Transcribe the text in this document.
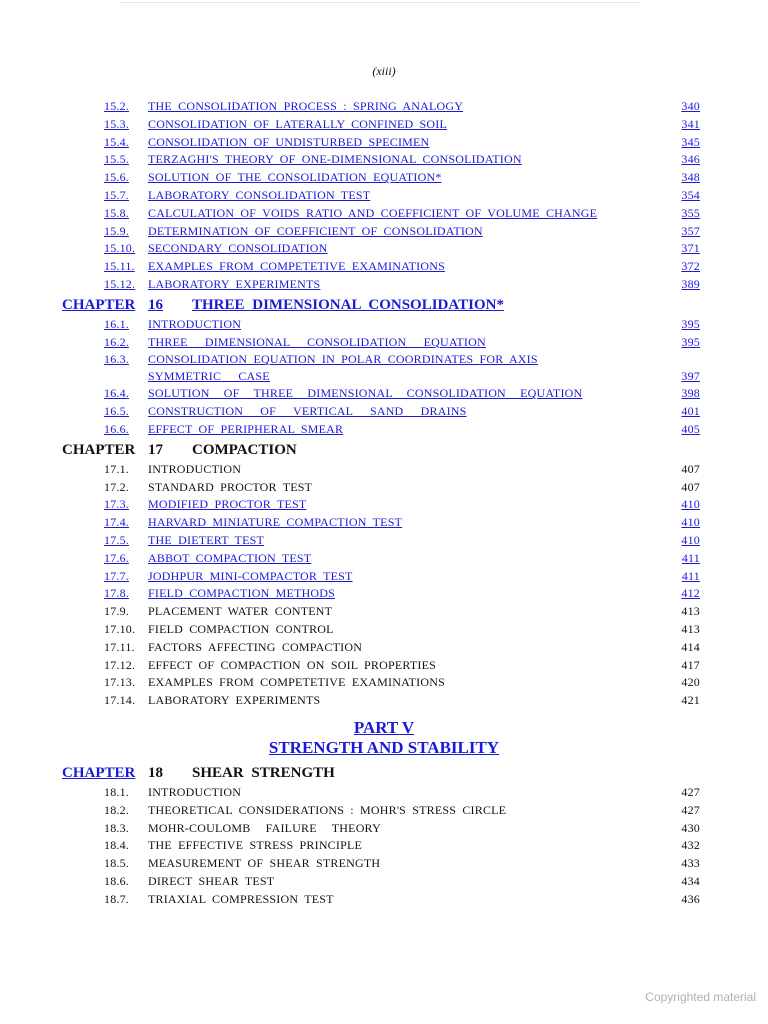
(xiii)
15.2. THE CONSOLIDATION PROCESS : SPRING ANALOGY	340
15.3. CONSOLIDATION OF LATERALLY CONFINED SOIL	341
15.4. CONSOLIDATION OF UNDISTURBED SPECIMEN	345
15.5. TERZAGHI'S THEORY OF ONE-DIMENSIONAL CONSOLIDATION	346
15.6. SOLUTION OF THE CONSOLIDATION EQUATION*	348
15.7. LABORATORY CONSOLIDATION TEST	354
15.8. CALCULATION OF VOIDS RATIO AND COEFFICIENT OF VOLUME CHANGE	355
15.9. DETERMINATION OF COEFFICIENT OF CONSOLIDATION	357
15.10. SECONDARY CONSOLIDATION	371
15.11. EXAMPLES FROM COMPETETIVE EXAMINATIONS	372
15.12. LABORATORY EXPERIMENTS	389
CHAPTER 16 THREE DIMENSIONAL CONSOLIDATION*
16.1. INTRODUCTION	395
16.2. THREE DIMENSIONAL CONSOLIDATION EQUATION	395
16.3. CONSOLIDATION EQUATION IN POLAR COORDINATES FOR AXIS
SYMMETRIC CASE	397
16.4. SOLUTION OF THREE DIMENSIONAL CONSOLIDATION EQUATION	398
16.5. CONSTRUCTION OF VERTICAL SAND DRAINS	401
16.6. EFFECT OF PERIPHERAL SMEAR	405
CHAPTER 17 COMPACTION
17.1. INTRODUCTION	407
17.2. STANDARD PROCTOR TEST	407
17.3. MODIFIED PROCTOR TEST	410
17.4. HARVARD MINIATURE COMPACTION TEST	410
17.5. THE DIETERT TEST	410
17.6. ABBOT COMPACTION TEST	411
17.7. JODHPUR MINI-COMPACTOR TEST	411
17.8. FIELD COMPACTION METHODS	412
17.9. PLACEMENT WATER CONTENT	413
17.10. FIELD COMPACTION CONTROL	413
17.11. FACTORS AFFECTING COMPACTION	414
17.12. EFFECT OF COMPACTION ON SOIL PROPERTIES	417
17.13. EXAMPLES FROM COMPETETIVE EXAMINATIONS	420
17.14. LABORATORY EXPERIMENTS	421
PART V
STRENGTH AND STABILITY
CHAPTER 18 SHEAR STRENGTH
18.1. INTRODUCTION	427
18.2. THEORETICAL CONSIDERATIONS : MOHR'S STRESS CIRCLE	427
18.3. MOHR-COULOMB FAILURE THEORY	430
18.4. THE EFFECTIVE STRESS PRINCIPLE	432
18.5. MEASUREMENT OF SHEAR STRENGTH	433
18.6. DIRECT SHEAR TEST	434
18.7. TRIAXIAL COMPRESSION TEST	436
Copyrighted material
